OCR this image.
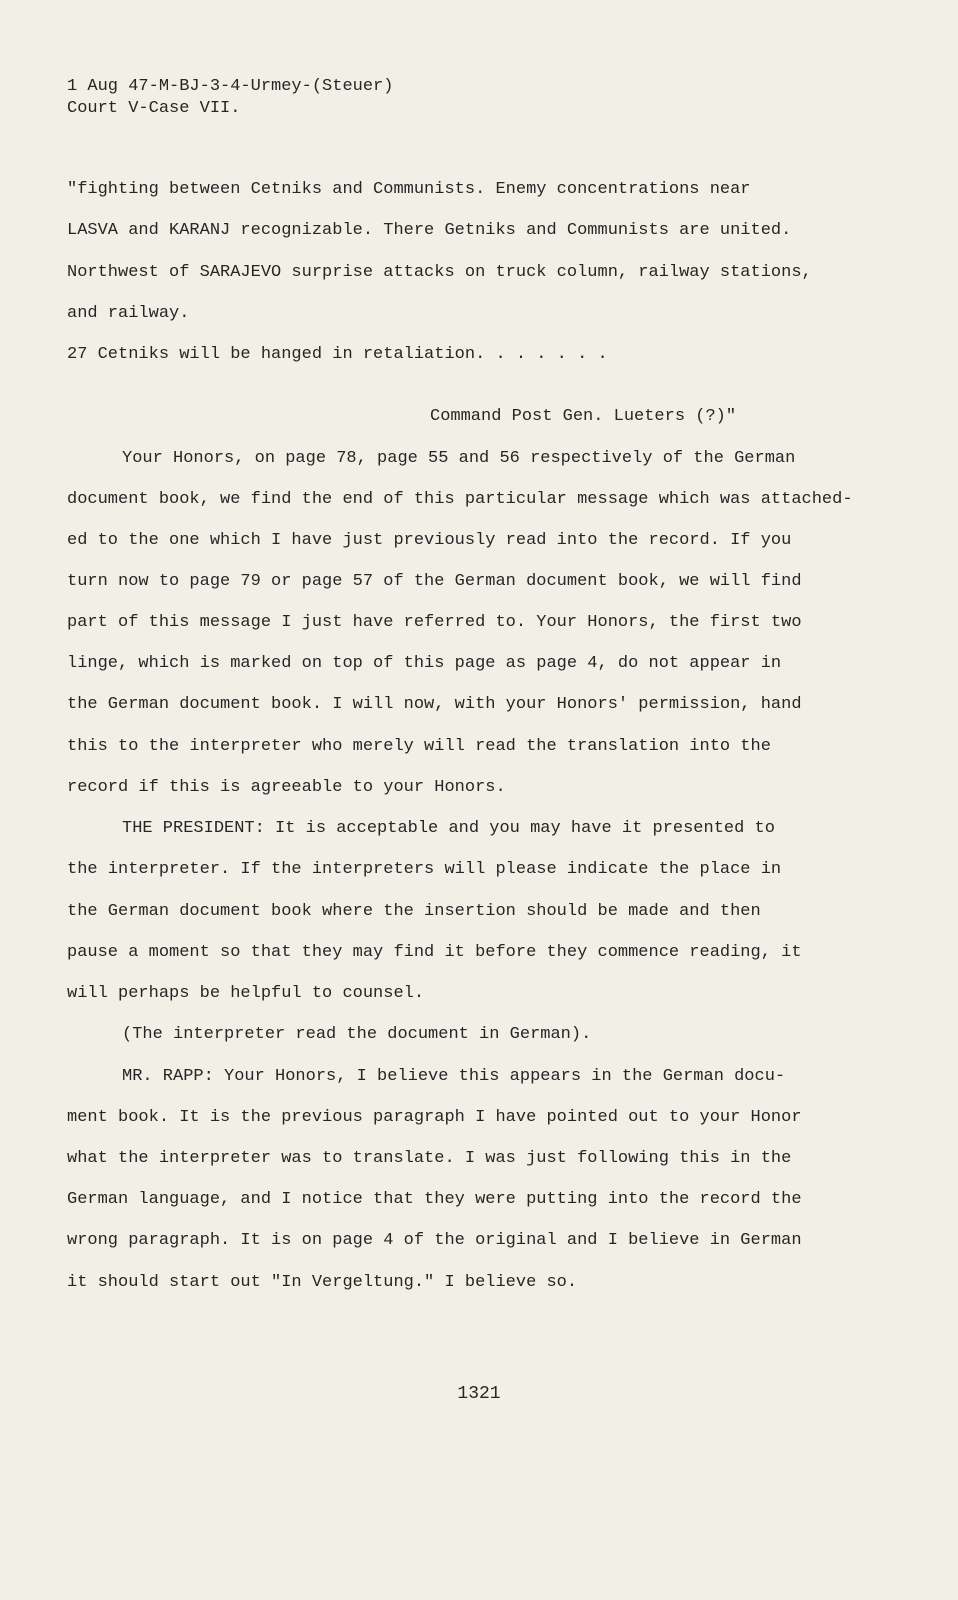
1 Aug 47-M-BJ-3-4-Urmey-(Steuer)
Court V-Case VII.
"fighting between Cetniks and Communists. Enemy concentrations near
LASVA and KARANJ recognizable. There Getniks and Communists are united.
Northwest of SARAJEVO surprise attacks on truck column, railway stations,
and railway.
27 Cetniks will be hanged in retaliation. . . . . . .
Command Post Gen. Lueters (?)"
Your Honors, on page 78, page 55 and 56 respectively of the German
document book, we find the end of this particular message which was attached-
ed to the one which I have just previously read into the record. If you
turn now to page 79 or page 57 of the German document book, we will find
part of this message I just have referred to. Your Honors, the first two
linge, which is marked on top of this page as page 4, do not appear in
the German document book. I will now, with your Honors' permission, hand
this to the interpreter who merely will read the translation into the
record if this is agreeable to your Honors.
THE PRESIDENT: It is acceptable and you may have it presented to
the interpreter. If the interpreters will please indicate the place in
the German document book where the insertion should be made and then
pause a moment so that they may find it before they commence reading, it
will perhaps be helpful to counsel.
(The interpreter read the document in German).
MR. RAPP: Your Honors, I believe this appears in the German docu-
ment book. It is the previous paragraph I have pointed out to your Honor
what the interpreter was to translate. I was just following this in the
German language, and I notice that they were putting into the record the
wrong paragraph. It is on page 4 of the original and I believe in German
it should start out "In Vergeltung." I believe so.
1321
